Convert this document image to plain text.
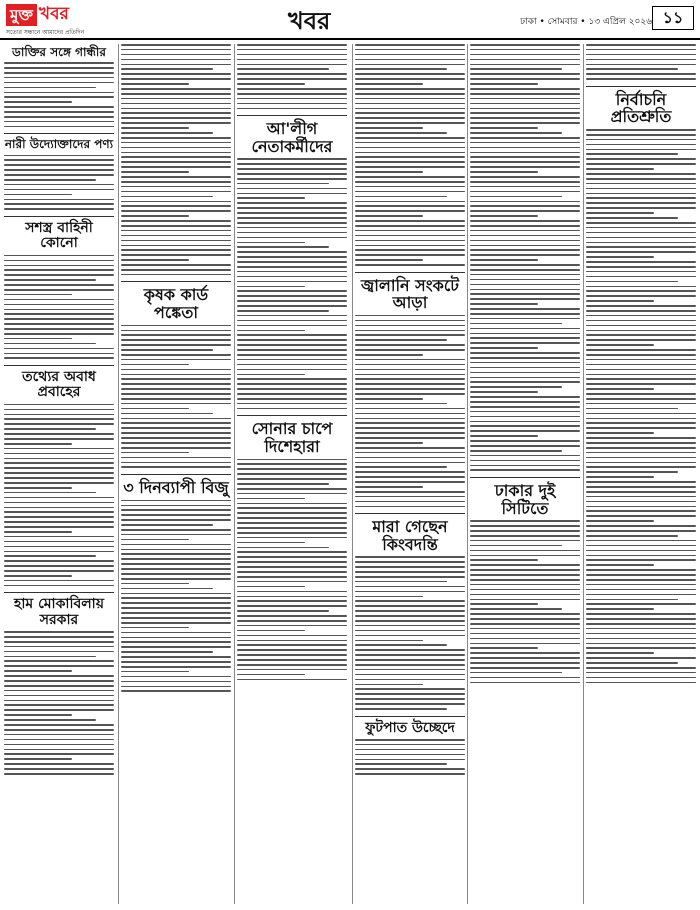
মুক্ত খবর
সত্যের সন্ধানে আমাদের প্রতিদিন	খবর	ঢাকা • সোমবার • ১৩ এপ্রিল ২০২৬ ১১
ডাক্তির সঙ্গে গান্ধীর
নারী উদ্যোক্তাদের পণ্য
সশস্ত্র বাহিনী কোনো
তথ্যের অবাধ প্রবাহের
হাম মোকাবিলায় সরকার
কৃষক কার্ড পঙ্কেতা
৩ দিনব্যাপী বিজু
আ'লীগ নেতাকর্মীদের
সোনার চাপে দিশেহারা
জ্বালানি সংকটে আড়া
মারা গেছেন কিংবদন্তি
ফুটপাত উচ্ছেদে
ঢাকার দুই সিটিতে
নির্বাচনি প্রতিশ্রুতি
